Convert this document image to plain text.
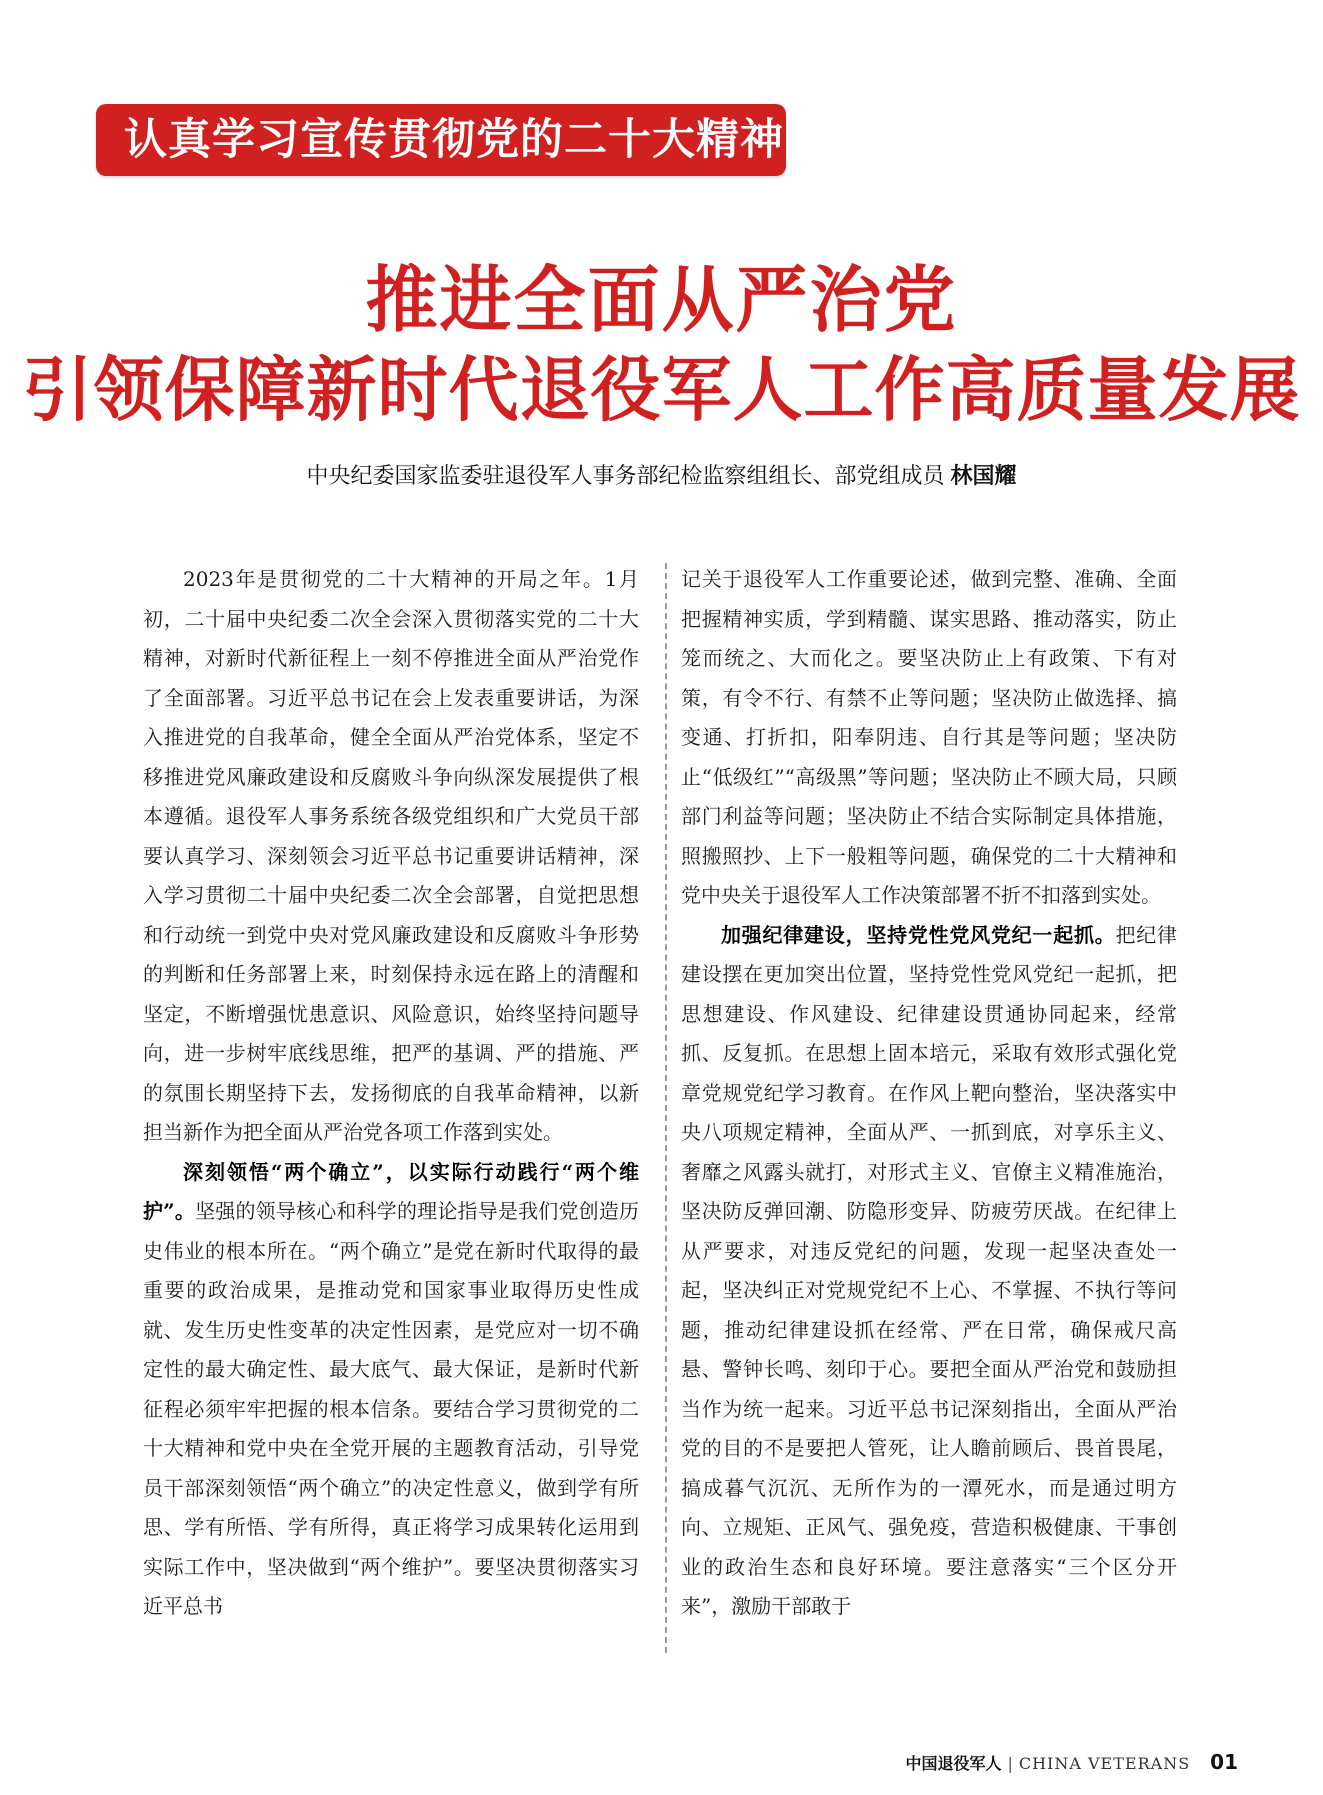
认真学习宣传贯彻党的二十大精神
推进全面从严治党
引领保障新时代退役军人工作高质量发展
中央纪委国家监委驻退役军人事务部纪检监察组组长、部党组成员 林国耀

2023年是贯彻党的二十大精神的开局之年。1月初，二十届中央纪委二次全会深入贯彻落实党的二十大精神，对新时代新征程上一刻不停推进全面从严治党作了全面部署。习近平总书记在会上发表重要讲话，为深入推进党的自我革命，健全全面从严治党体系，坚定不移推进党风廉政建设和反腐败斗争向纵深发展提供了根本遵循。退役军人事务系统各级党组织和广大党员干部要认真学习、深刻领会习近平总书记重要讲话精神，深入学习贯彻二十届中央纪委二次全会部署，自觉把思想和行动统一到党中央对党风廉政建设和反腐败斗争形势的判断和任务部署上来，时刻保持永远在路上的清醒和坚定，不断增强忧患意识、风险意识，始终坚持问题导向，进一步树牢底线思维，把严的基调、严的措施、严的氛围长期坚持下去，发扬彻底的自我革命精神，以新担当新作为把全面从严治党各项工作落到实处。

深刻领悟“两个确立”，以实际行动践行“两个维护”。坚强的领导核心和科学的理论指导是我们党创造历史伟业的根本所在。“两个确立”是党在新时代取得的最重要的政治成果，是推动党和国家事业取得历史性成就、发生历史性变革的决定性因素，是党应对一切不确定性的最大确定性、最大底气、最大保证，是新时代新征程必须牢牢把握的根本信条。要结合学习贯彻党的二十大精神和党中央在全党开展的主题教育活动，引导党员干部深刻领悟“两个确立”的决定性意义，做到学有所思、学有所悟、学有所得，真正将学习成果转化运用到实际工作中，坚决做到“两个维护”。要坚决贯彻落实习近平总书

记关于退役军人工作重要论述，做到完整、准确、全面把握精神实质，学到精髓、谋实思路、推动落实，防止笼而统之、大而化之。要坚决防止上有政策、下有对策，有令不行、有禁不止等问题；坚决防止做选择、搞变通、打折扣，阳奉阴违、自行其是等问题；坚决防止“低级红”“高级黑”等问题；坚决防止不顾大局，只顾部门利益等问题；坚决防止不结合实际制定具体措施，照搬照抄、上下一般粗等问题，确保党的二十大精神和党中央关于退役军人工作决策部署不折不扣落到实处。

加强纪律建设，坚持党性党风党纪一起抓。把纪律建设摆在更加突出位置，坚持党性党风党纪一起抓，把思想建设、作风建设、纪律建设贯通协同起来，经常抓、反复抓。在思想上固本培元，采取有效形式强化党章党规党纪学习教育。在作风上靶向整治，坚决落实中央八项规定精神，全面从严、一抓到底，对享乐主义、奢靡之风露头就打，对形式主义、官僚主义精准施治，坚决防反弹回潮、防隐形变异、防疲劳厌战。在纪律上从严要求，对违反党纪的问题，发现一起坚决查处一起，坚决纠正对党规党纪不上心、不掌握、不执行等问题，推动纪律建设抓在经常、严在日常，确保戒尺高悬、警钟长鸣、刻印于心。要把全面从严治党和鼓励担当作为统一起来。习近平总书记深刻指出，全面从严治党的目的不是要把人管死，让人瞻前顾后、畏首畏尾，搞成暮气沉沉、无所作为的一潭死水，而是通过明方向、立规矩、正风气、强免疫，营造积极健康、干事创业的政治生态和良好环境。要注意落实“三个区分开来”，激励干部敢于

中国退役军人 | CHINA VETERANS 01
